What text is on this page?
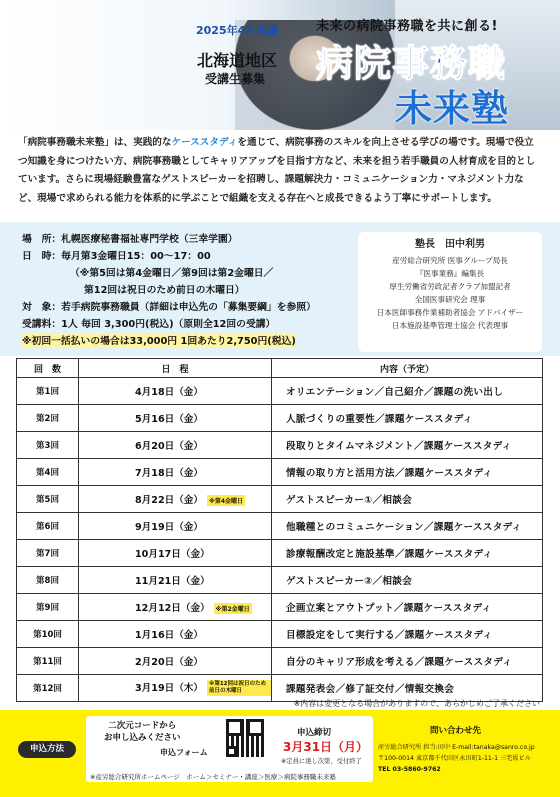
2025年4月開講
北海道地区
受講生募集
未来の病院事務職を共に創る!
病院事務職
未来塾
「病院事務職未来塾」は、実践的なケーススタディを通じて、病院事務のスキルを向上させる学びの場です。現場で役立つ知識を身につけたい方、病院事務職としてキャリアアップを目指す方など、未来を担う若手職員の人材育成を目的としています。さらに現場経験豊富なゲストスピーカーを招聘し、課題解決力・コミュニケーション力・マネジメント力など、現場で求められる能力を体系的に学ぶことで組織を支える存在へと成長できるよう丁寧にサポートします。
場　所：札幌医療秘書福祉専門学校（三幸学園）
日　時：毎月第3金曜日15：00～17：00
（※第5回は第4金曜日／第9回は第2金曜日／
第12回は祝日のため前日の木曜日）
対　象：若手病院事務職員（詳細は申込先の「募集要綱」を参照）
受講料：1人 毎回 3,300円(税込)（原則全12回の受講）
※初回一括払いの場合は33,000円 1回あたり2,750円(税込)
塾長　田中利男
産労総合研究所 医事グループ局長
『医事業務』編集長
厚生労働省労政記者クラブ加盟記者
全国医事研究会 理事
日本医師事務作業補助者協会 アドバイザー
日本施設基準管理士協会 代表理事
回　数	日　程	内容（予定）
第1回	4月18日（金）	オリエンテーション／自己紹介／課題の洗い出し
第2回	5月16日（金）	人脈づくりの重要性／課題ケーススタディ
第3回	6月20日（金）	段取りとタイムマネジメント／課題ケーススタディ
第4回	7月18日（金）	情報の取り方と活用方法／課題ケーススタディ
第5回	8月22日（金） ※第4金曜日	ゲストスピーカー①／相談会
第6回	9月19日（金）	他職種とのコミュニケーション／課題ケーススタディ
第7回	10月17日（金）	診療報酬改定と施設基準／課題ケーススタディ
第8回	11月21日（金）	ゲストスピーカー②／相談会
第9回	12月12日（金） ※第2金曜日	企画立案とアウトプット／課題ケーススタディ
第10回	1月16日（金）	目標設定をして実行する／課題ケーススタディ
第11回	2月20日（金）	自分のキャリア形成を考える／課題ケーススタディ
第12回	3月19日（木） ※第12回は祝日のため前日の木曜日	課題発表会／修了証交付／情報交換会
※内容は変更となる場合がありますので、あらかじめご了承ください
申込方法
二次元コードから
お申し込みください
申込フォーム
申込締切
3月31日（月）
※定員に達し次第、受付終了
※産労総合研究所ホームページ　ホーム＞セミナー・講座＞医療＞病院事務職未来塾
問い合わせ先
産労総合研究所 担当:田中 E-mail:tanaka@sanro.co.jp
〒100-0014 東京都千代田区永田町1-11-1 三宅坂ビル
TEL 03-5860-9762
